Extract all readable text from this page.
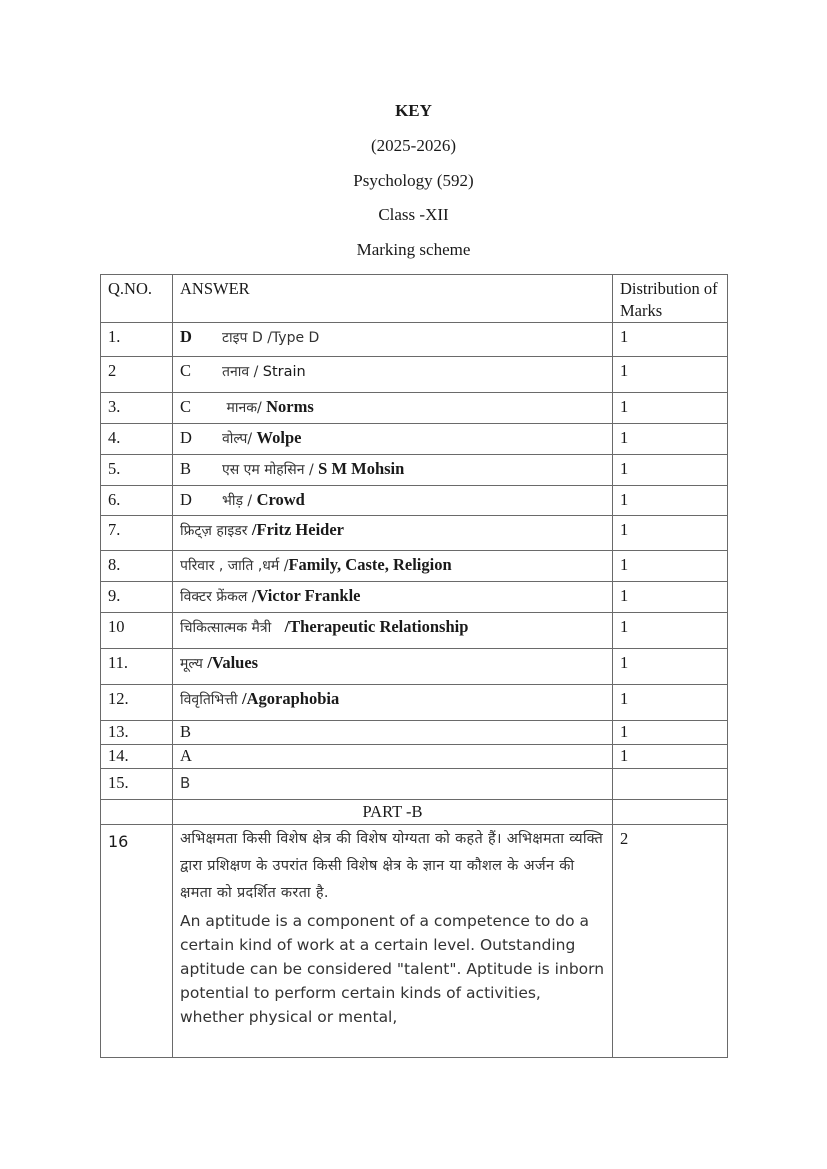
KEY
(2025-2026)
Psychology (592)
Class -XII
Marking scheme
Q.NO.	ANSWER	Distribution of Marks
1.	D टाइप D /Type D	1
2	C तनाव / Strain	1
3.	C मानक/ Norms	1
4.	D वोल्प/ Wolpe	1
5.	B एस एम मोहसिन / S M Mohsin	1
6.	D भीड़ / Crowd	1
7.	फ्रिट्ज़ हाइडर /Fritz Heider	1
8.	परिवार , जाति ,धर्म /Family, Caste, Religion	1
9.	विक्टर फ्रेंकल /Victor Frankle	1
10	चिकित्सात्मक मैत्री   /Therapeutic Relationship	1
11.	मूल्य /Values	1
12.	विवृतिभित्ती /Agoraphobia	1
13.	B	1
14.	A	1
15.	B	
	PART -B	
16	अभिक्षमता किसी विशेष क्षेत्र की विशेष योग्यता को कहते हैं। अभिक्षमता व्यक्ति द्वारा प्रशिक्षण के उपरांत किसी विशेष क्षेत्र के ज्ञान या कौशल के अर्जन की क्षमता को प्रदर्शित करता है.
An aptitude is a component of a competence to do a certain kind of work at a certain level. Outstanding aptitude can be considered "talent". Aptitude is inborn potential to perform certain kinds of activities, whether physical or mental,	2
